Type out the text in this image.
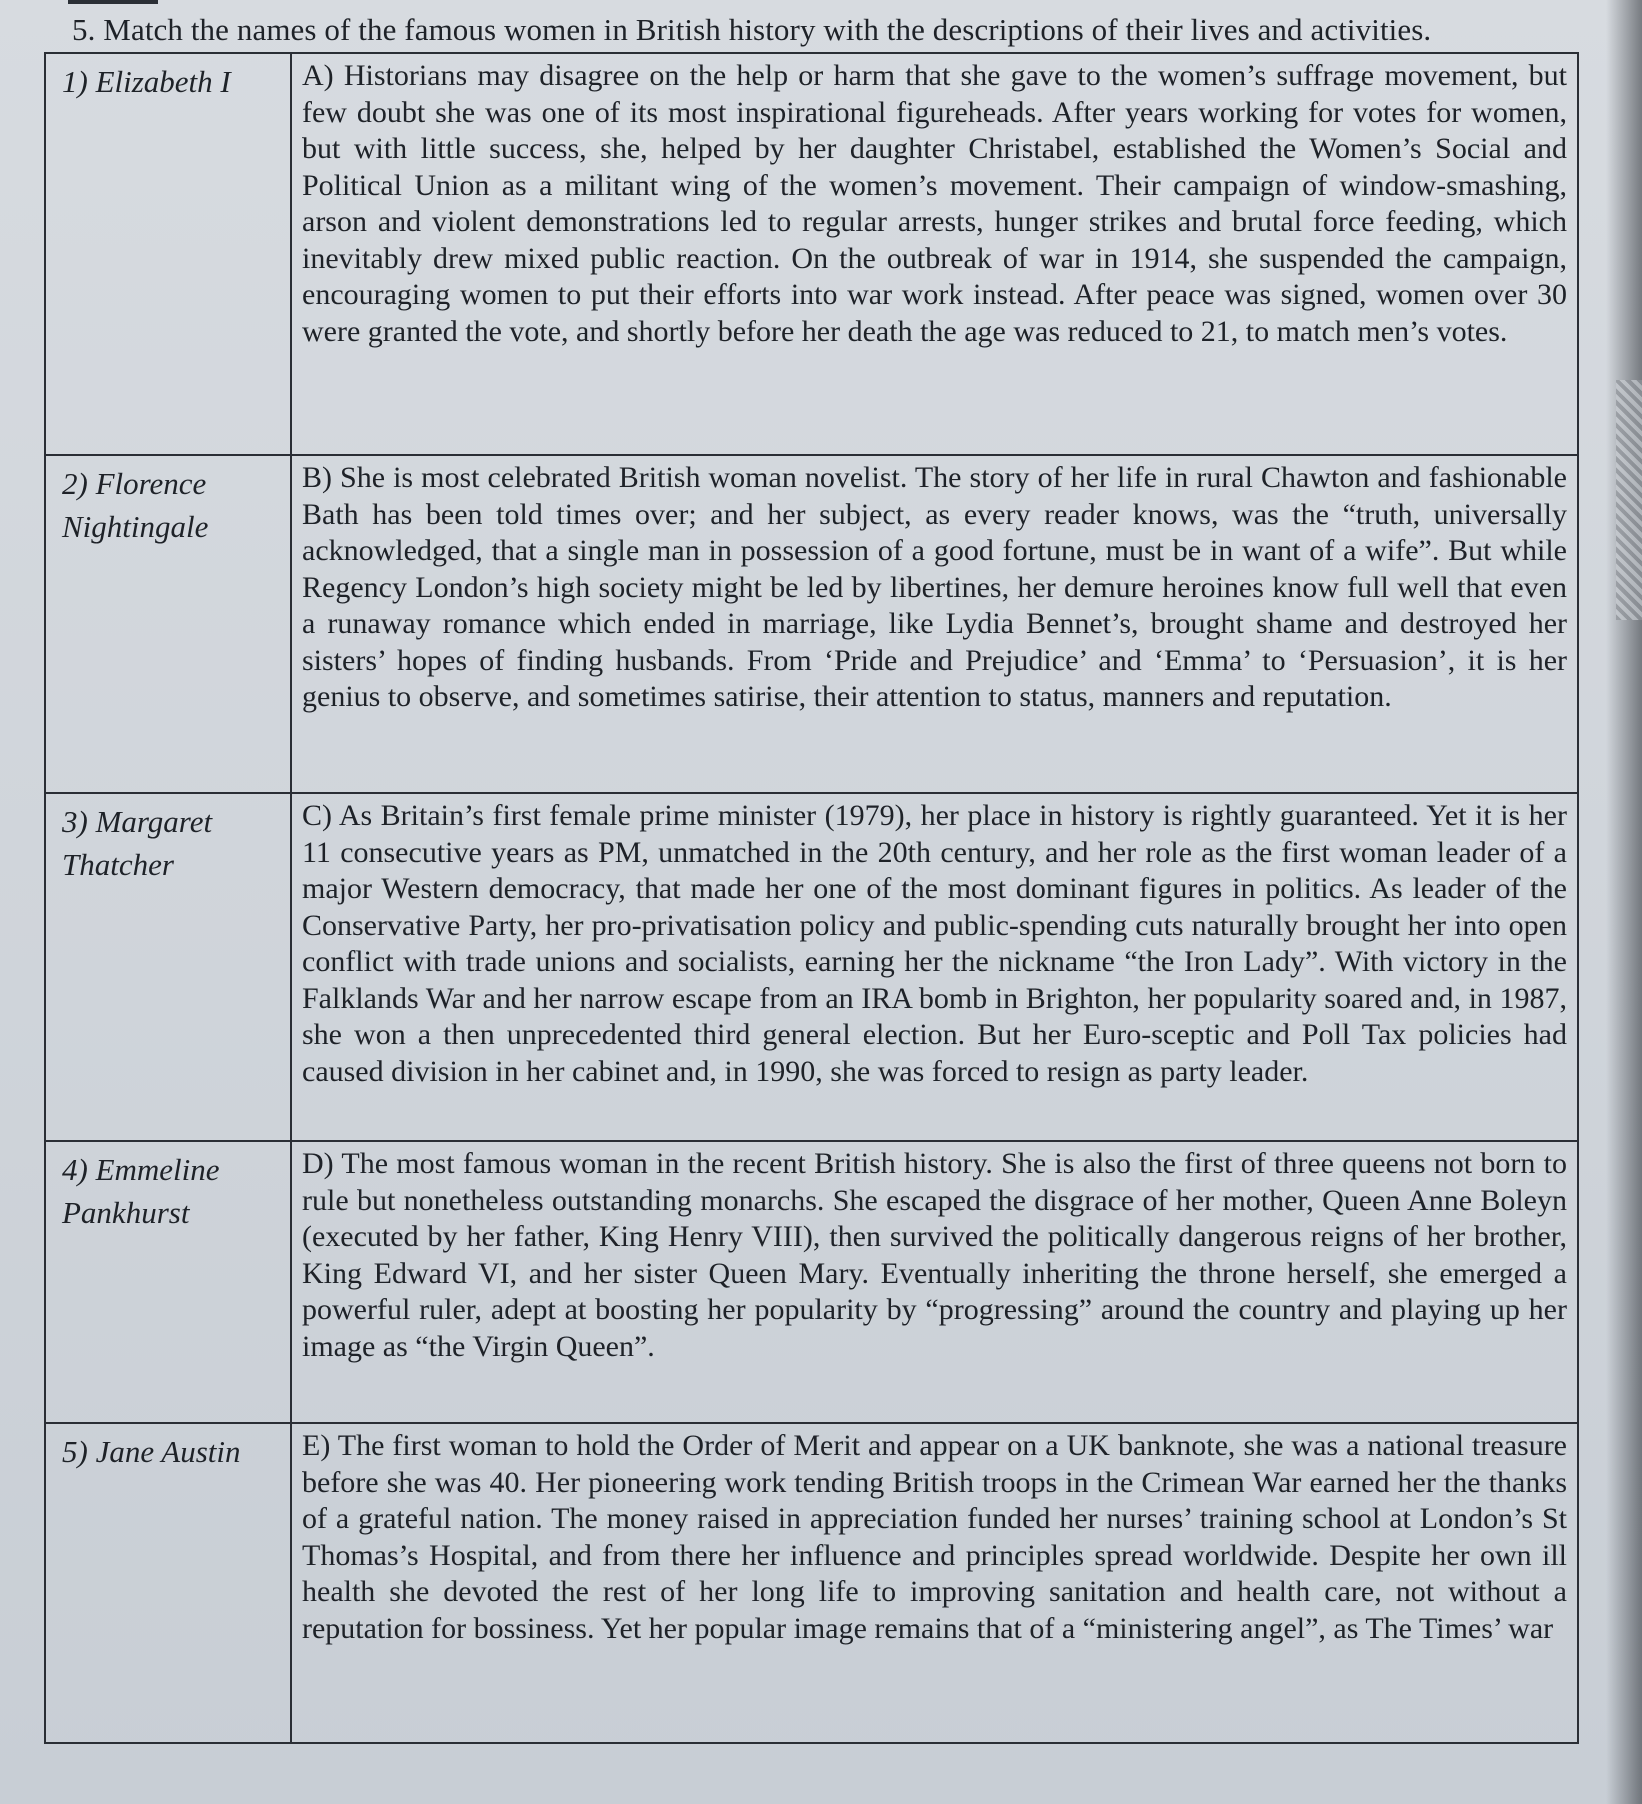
5. Match the names of the famous women in British history with the descriptions of their lives and activities.
1) Elizabeth I	A) Historians may disagree on the help or harm that she gave to the women’s suffrage movement, but few doubt she was one of its most inspirational figureheads. After years working for votes for women, but with little success, she, helped by her daughter Christabel, established the Women’s Social and Political Union as a militant wing of the women’s movement. Their campaign of window-smashing, arson and violent demonstrations led to regular arrests, hunger strikes and brutal force feeding, which inevitably drew mixed public reaction. On the outbreak of war in 1914, she suspended the campaign, encouraging women to put their efforts into war work instead. After peace was signed, women over 30 were granted the vote, and shortly before her death the age was reduced to 21, to match men’s votes.

2) Florence Nightingale	B) She is most celebrated British woman novelist. The story of her life in rural Chawton and fashionable Bath has been told times over; and her subject, as every reader knows, was the “truth, universally acknowledged, that a single man in possession of a good fortune, must be in want of a wife”. But while Regency London’s high society might be led by libertines, her demure heroines know full well that even a runaway romance which ended in marriage, like Lydia Bennet’s, brought shame and destroyed her sisters’ hopes of finding husbands. From ‘Pride and Prejudice’ and ‘Emma’ to ‘Persuasion’, it is her genius to observe, and sometimes satirise, their attention to status, manners and reputation.

3) Margaret Thatcher	C) As Britain’s first female prime minister (1979), her place in history is rightly guaranteed. Yet it is her 11 consecutive years as PM, unmatched in the 20th century, and her role as the first woman leader of a major Western democracy, that made her one of the most dominant figures in politics. As leader of the Conservative Party, her pro-privatisation policy and public-spending cuts naturally brought her into open conflict with trade unions and socialists, earning her the nickname “the Iron Lady”. With victory in the Falklands War and her narrow escape from an IRA bomb in Brighton, her popularity soared and, in 1987, she won a then unprecedented third general election. But her Euro-sceptic and Poll Tax policies had caused division in her cabinet and, in 1990, she was forced to resign as party leader.

4) Emmeline Pankhurst	D) The most famous woman in the recent British history. She is also the first of three queens not born to rule but nonetheless outstanding monarchs. She escaped the disgrace of her mother, Queen Anne Boleyn (executed by her father, King Henry VIII), then survived the politically dangerous reigns of her brother, King Edward VI, and her sister Queen Mary. Eventually inheriting the throne herself, she emerged a powerful ruler, adept at boosting her popularity by “progressing” around the country and playing up her image as “the Virgin Queen”.

5) Jane Austin	E) The first woman to hold the Order of Merit and appear on a UK banknote, she was a national treasure before she was 40. Her pioneering work tending British troops in the Crimean War earned her the thanks of a grateful nation. The money raised in appreciation funded her nurses’ training school at London’s St Thomas’s Hospital, and from there her influence and principles spread worldwide. Despite her own ill health she devoted the rest of her long life to improving sanitation and health care, not without a reputation for bossiness. Yet her popular image remains that of a “ministering angel”, as The Times’ war
